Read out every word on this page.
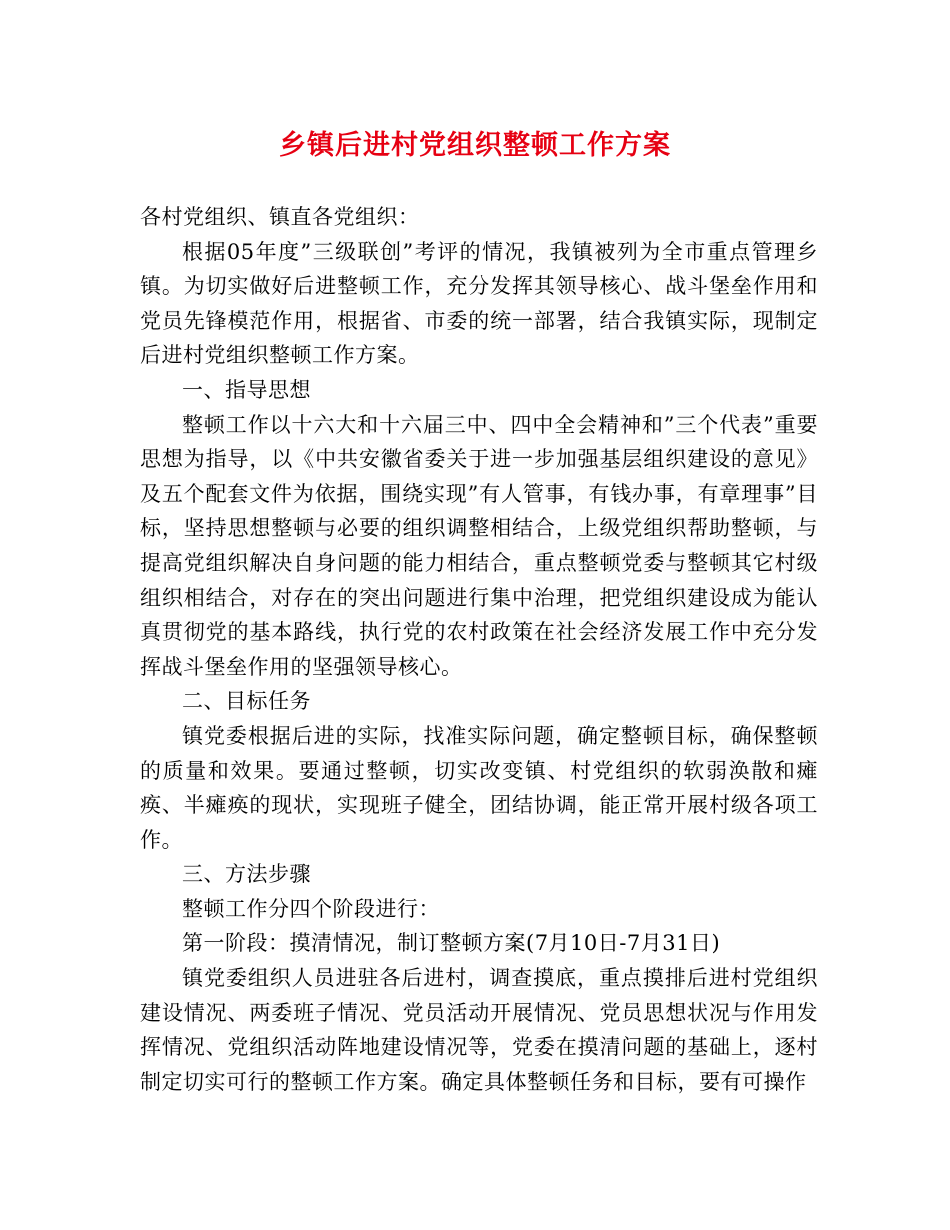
乡镇后进村党组织整顿工作方案

各村党组织、镇直各党组织：

根据05年度”三级联创”考评的情况，我镇被列为全市重点管理乡镇。为切实做好后进整顿工作，充分发挥其领导核心、战斗堡垒作用和党员先锋模范作用，根据省、市委的统一部署，结合我镇实际，现制定后进村党组织整顿工作方案。

一、指导思想

整顿工作以十六大和十六届三中、四中全会精神和”三个代表”重要思想为指导，以《中共安徽省委关于进一步加强基层组织建设的意见》及五个配套文件为依据，围绕实现”有人管事，有钱办事，有章理事”目标，坚持思想整顿与必要的组织调整相结合，上级党组织帮助整顿，与提高党组织解决自身问题的能力相结合，重点整顿党委与整顿其它村级组织相结合，对存在的突出问题进行集中治理，把党组织建设成为能认真贯彻党的基本路线，执行党的农村政策在社会经济发展工作中充分发挥战斗堡垒作用的坚强领导核心。

二、目标任务

镇党委根据后进的实际，找准实际问题，确定整顿目标，确保整顿的质量和效果。要通过整顿，切实改变镇、村党组织的软弱涣散和瘫痪、半瘫痪的现状，实现班子健全，团结协调，能正常开展村级各项工作。

三、方法步骤

整顿工作分四个阶段进行：

第一阶段：摸清情况，制订整顿方案(7月10日-7月31日)

镇党委组织人员进驻各后进村，调查摸底，重点摸排后进村党组织建设情况、两委班子情况、党员活动开展情况、党员思想状况与作用发挥情况、党组织活动阵地建设情况等，党委在摸清问题的基础上，逐村制定切实可行的整顿工作方案。确定具体整顿任务和目标，要有可操作
